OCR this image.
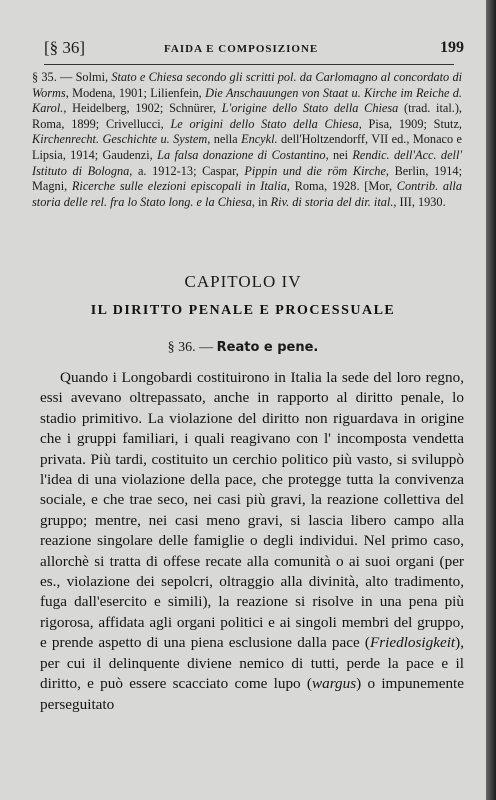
[§ 36]	FAIDA E COMPOSIZIONE	199
§ 35. — Solmi, Stato e Chiesa secondo gli scritti pol. da Carlomagno al concordato di Worms, Modena, 1901; Lilienfein, Die Anschauungen von Staat u. Kirche im Reiche d. Karol., Heidelberg, 1902; Schnürer, L'origine dello Stato della Chiesa (trad. ital.), Roma, 1899; Crivellucci, Le origini dello Stato della Chiesa, Pisa, 1909; Stutz, Kirchenrecht. Geschichte u. System, nella Encykl. dell'Holtzendorff, VII ed., Monaco e Lipsia, 1914; Gaudenzi, La falsa donazione di Costantino, nei Rendic. dell'Acc. dell' Istituto di Bologna, a. 1912-13; Caspar, Pippin und die röm Kirche, Berlin, 1914; Magni, Ricerche sulle elezioni episcopali in Italia, Roma, 1928. [Mor, Contrib. alla storia delle rel. fra lo Stato long. e la Chiesa, in Riv. di storia del dir. ital., III, 1930.
CAPITOLO IV
IL DIRITTO PENALE E PROCESSUALE
§ 36. — Reato e pene.
Quando i Longobardi costituirono in Italia la sede del loro regno, essi avevano oltrepassato, anche in rapporto al diritto penale, lo stadio primitivo. La violazione del diritto non riguardava in origine che i gruppi familiari, i quali reagivano con l' incomposta vendetta privata. Più tardi, costituito un cerchio politico più vasto, si sviluppò l'idea di una violazione della pace, che protegge tutta la convivenza sociale, e che trae seco, nei casi più gravi, la reazione collettiva del gruppo; mentre, nei casi meno gravi, si lascia libero campo alla reazione singolare delle famiglie o degli individui. Nel primo caso, allorchè si tratta di offese recate alla comunità o ai suoi organi (per es., violazione dei sepolcri, oltraggio alla divinità, alto tradimento, fuga dall'esercito e simili), la reazione si risolve in una pena più rigorosa, affidata agli organi politici e ai singoli membri del gruppo, e prende aspetto di una piena esclusione dalla pace (Friedlosigkeit), per cui il delinquente diviene nemico di tutti, perde la pace e il diritto, e può essere scacciato come lupo (wargus) o impunemente perseguitato
